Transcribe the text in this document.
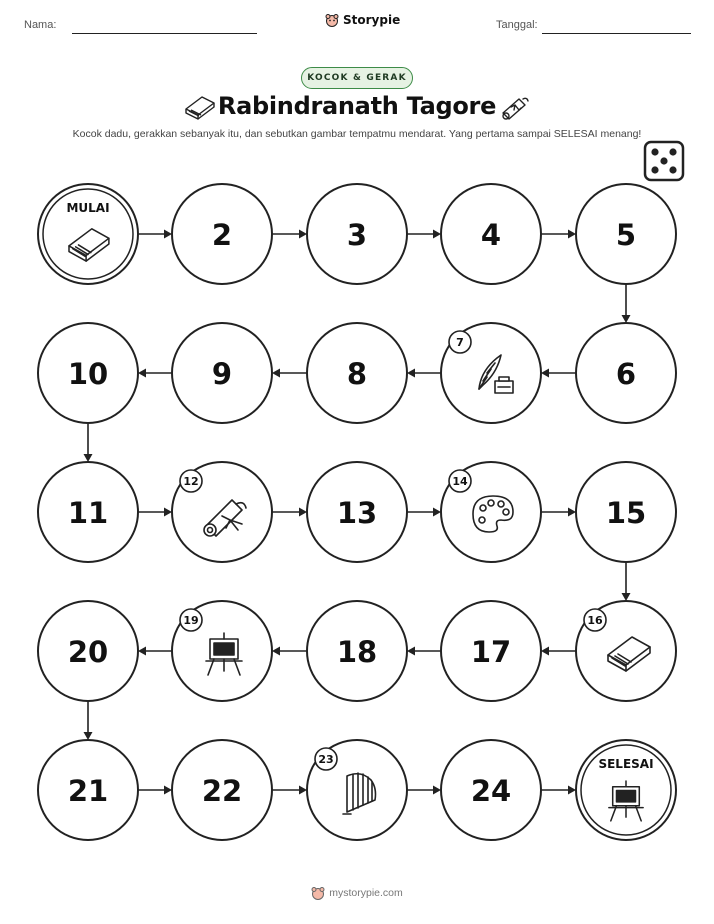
Nama:	Storypie	Tanggal:
KOCOK & GERAK
Rabindranath Tagore
Kocok dadu, gerakkan sebanyak itu, dan sebutkan gambar tempatmu mendarat. Yang pertama sampai SELESAI menang!
MULAI
2	3	4	5
6
7
8
9
10
11
12
13
14
15
16
17
18
19
20
21	22
23
24
SELESAI
mystorypie.com
